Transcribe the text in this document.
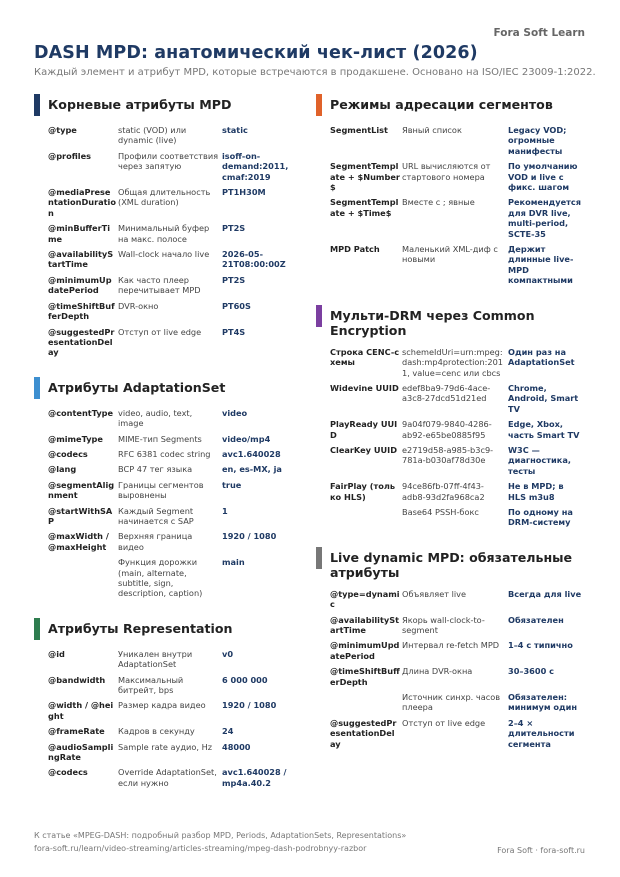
Fora Soft Learn
DASH MPD: анатомический чек-лист (2026)
Каждый элемент и атрибут MPD, которые встречаются в продакшене. Основано на ISO/IEC 23009-1:2022.
Корневые атрибуты MPD
@type	static (VOD) или dynamic (live)	static
@profiles	Профили соответствия через запятую	isoff-on-demand:2011, cmaf:2019
@mediaPresentationDuration	Общая длительность (XML duration)	PT1H30M
@minBufferTime	Минимальный буфер на макс. полосе	PT2S
@availabilityStartTime	Wall-clock начало live	2026-05-21T08:00:00Z
@minimumUpdatePeriod	Как часто плеер перечитывает MPD	PT2S
@timeShiftBufferDepth	DVR-окно	PT60S
@suggestedPresentationDelay	Отступ от live edge	PT4S
Атрибуты AdaptationSet
@contentType	video, audio, text, image	video
@mimeType	MIME-тип Segments	video/mp4
@codecs	RFC 6381 codec string	avc1.640028
@lang	BCP 47 тег языка	en, es-MX, ja
@segmentAlignment	Границы сегментов выровнены	true
@startWithSAP	Каждый Segment начинается с SAP	1
@maxWidth / @maxHeight	Верхняя граница видео	1920 / 1080
	Функция дорожки (main, alternate, subtitle, sign, description, caption)	main
Атрибуты Representation
@id	Уникален внутри AdaptationSet	v0
@bandwidth	Максимальный битрейт, bps	6 000 000
@width / @height	Размер кадра видео	1920 / 1080
@frameRate	Кадров в секунду	24
@audioSamplingRate	Sample rate аудио, Hz	48000
@codecs	Override AdaptationSet, если нужно	avc1.640028 / mp4a.40.2
Режимы адресации сегментов
SegmentList	Явный список	Legacy VOD; огромные манифесты
SegmentTemplate + $Number$	URL вычисляются от стартового номера	По умолчанию VOD и live с фикс. шагом
SegmentTemplate + $Time$	Вместе с ; явные	Рекомендуется для DVR live, multi-period, SCTE-35
MPD Patch	Маленький XML-диф с новыми	Держит длинные live-MPD компактными
Мульти-DRM через Common Encryption
Строка CENC-схемы	schemeIdUri=urn:mpeg:dash:mp4protection:2011, value=cenc или cbcs	Один раз на AdaptationSet
Widevine UUID	edef8ba9-79d6-4ace-a3c8-27dcd51d21ed	Chrome, Android, Smart TV
PlayReady UUID	9a04f079-9840-4286-ab92-e65be0885f95	Edge, Xbox, часть Smart TV
ClearKey UUID	e2719d58-a985-b3c9-781a-b030af78d30e	W3C — диагностика, тесты
FairPlay (только HLS)	94ce86fb-07ff-4f43-adb8-93d2fa968ca2	Не в MPD; в HLS m3u8
	Base64 PSSH-бокс	По одному на DRM-систему
Live dynamic MPD: обязательные атрибуты
@type=dynamic	Объявляет live	Всегда для live
@availabilityStartTime	Якорь wall-clock-to-segment	Обязателен
@minimumUpdatePeriod	Интервал re-fetch MPD	1–4 с типично
@timeShiftBufferDepth	Длина DVR-окна	30–3600 с
	Источник синхр. часов плеера	Обязателен: минимум один
@suggestedPresentationDelay	Отступ от live edge	2–4 × длительности сегмента
К статье «MPEG-DASH: подробный разбор MPD, Periods, AdaptationSets, Representations»
fora-soft.ru/learn/video-streaming/articles-streaming/mpeg-dash-podrobnyy-razbor	Fora Soft · fora-soft.ru
